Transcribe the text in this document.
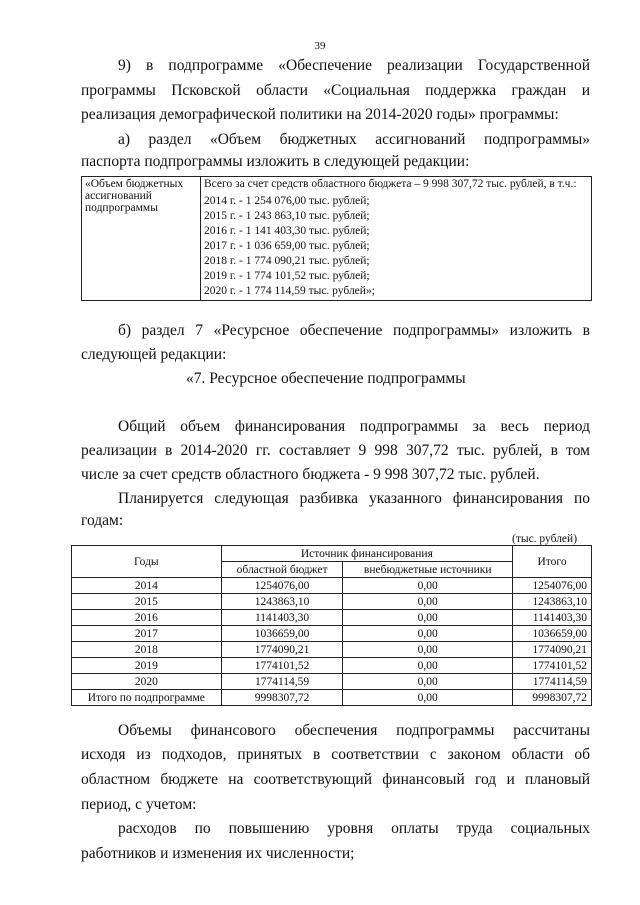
39
9) в подпрограмме «Обеспечение реализации Государственной
программы Псковской области «Социальная поддержка граждан и
реализация демографической политики на 2014-2020 годы» программы:
а) раздел «Объем бюджетных ассигнований подпрограммы»
паспорта подпрограммы изложить в следующей редакции:
«Объем бюджетных ассигнований подпрограммы	
Всего за счет средств областного бюджета – 9 998 307,72 тыс. рублей, в т.ч.:
2014 г. - 1 254 076,00 тыс. рублей;
2015 г. - 1 243 863,10 тыс. рублей;
2016 г. - 1 141 403,30 тыс. рублей;
2017 г. - 1 036 659,00 тыс. рублей;
2018 г. - 1 774 090,21 тыс. рублей;
2019 г. - 1 774 101,52 тыс. рублей;
2020 г. - 1 774 114,59 тыс. рублей»;
б) раздел 7 «Ресурсное обеспечение подпрограммы» изложить в
следующей редакции:
«7. Ресурсное обеспечение подпрограммы
Общий объем финансирования подпрограммы за весь период
реализации в 2014-2020 гг. составляет 9 998 307,72 тыс. рублей, в том
числе за счет средств областного бюджета - 9 998 307,72 тыс. рублей.
Планируется следующая разбивка указанного финансирования по
годам:
(тыс. рублей)
Годы	Источник финансирования		Итого
	областной бюджет	внебюджетные источники	
2014	1254076,00	0,00	1254076,00
2015	1243863,10	0,00	1243863,10
2016	1141403,30	0,00	1141403,30
2017	1036659,00	0,00	1036659,00
2018	1774090,21	0,00	1774090,21
2019	1774101,52	0,00	1774101,52
2020	1774114,59	0,00	1774114,59
Итого по подпрограмме	9998307,72	0,00	9998307,72
Объемы финансового обеспечения подпрограммы рассчитаны
исходя из подходов, принятых в соответствии с законом области об
областном бюджете на соответствующий финансовый год и плановый
период, с учетом:
расходов по повышению уровня оплаты труда социальных
работников и изменения их численности;
